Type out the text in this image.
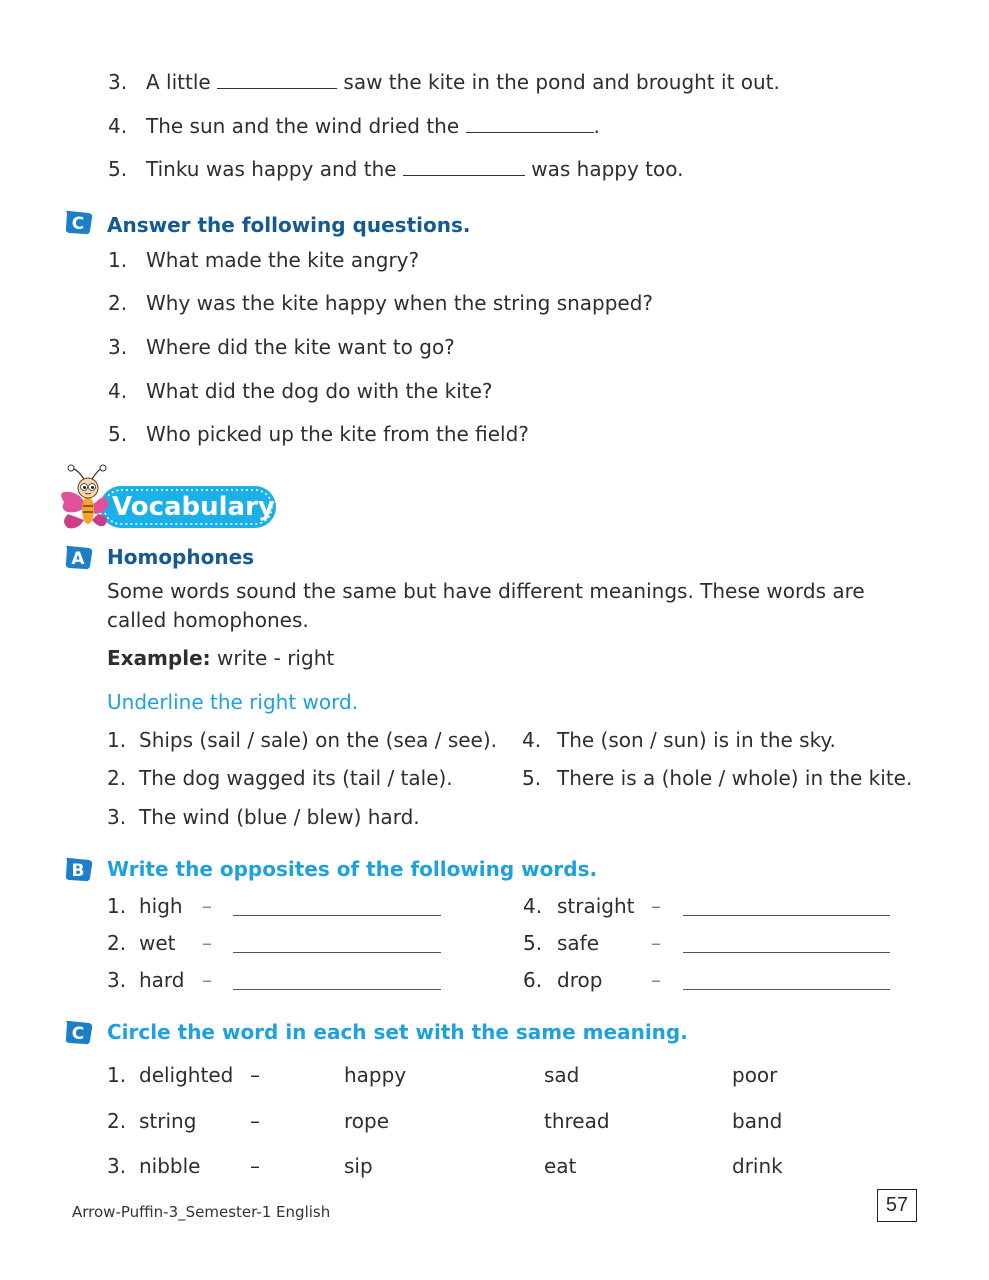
3. A little	saw the kite in the pond and brought it out.
4. The sun and the wind dried the	.
5. Tinku was happy and the	was happy too.
C Answer the following questions.
1. What made the kite angry?
2. Why was the kite happy when the string snapped?
3. Where did the kite want to go?
4. What did the dog do with the kite?
5. Who picked up the kite from the field?
Vocabulary
A Homophones
Some words sound the same but have different meanings. These words are
called homophones.
Example: write - right
Underline the right word.
1. Ships (sail / sale) on the (sea / see).
2. The dog wagged its (tail / tale).
3. The wind (blue / blew) hard.
4. The (son / sun) is in the sky.
5. There is a (hole / whole) in the kite.
B Write the opposites of the following words.
1. high –
2. wet –
3. hard –
4. straight –
5. safe	–
6. drop –
C Circle the word in each set with the same meaning.
1. delighted –	happy	sad	poor
2. string	–	rope	thread	band
3. nibble –	sip	eat	drink
Arrow-Puffin-3_Semester-1 English	57
